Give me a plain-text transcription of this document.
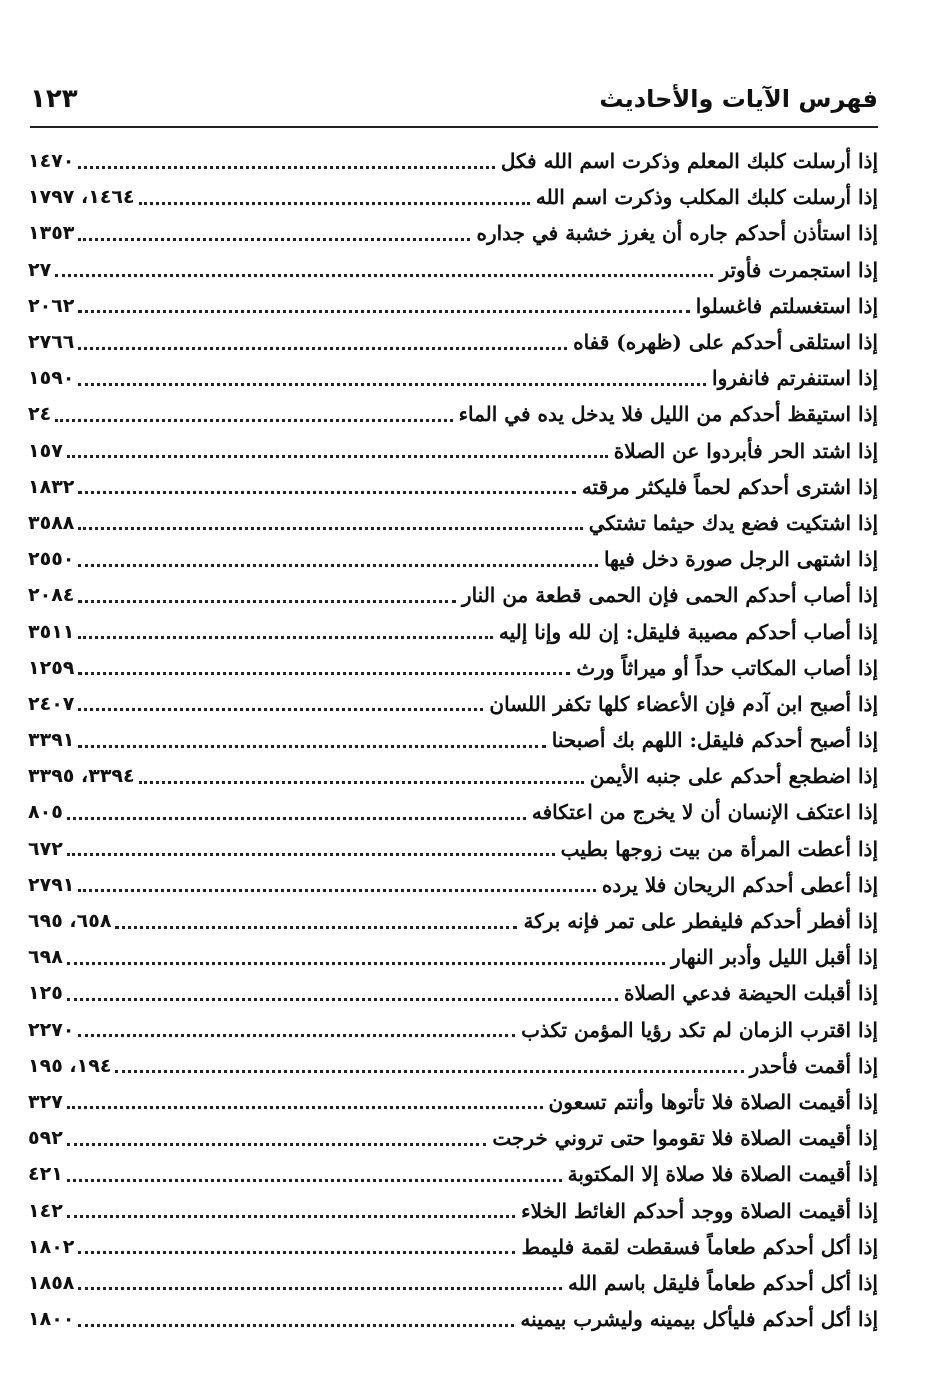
فهرس الآيات والأحاديث
١٢٣
إذا أرسلت كلبك المعلم وذكرت اسم الله فكل
١٤٧٠
إذا أرسلت كلبك المكلب وذكرت اسم الله
١٤٦٤، ١٧٩٧
إذا استأذن أحدكم جاره أن يغرز خشبة في جداره
١٣٥٣
إذا استجمرت فأوتر
٢٧
إذا استغسلتم فاغسلوا
٢٠٦٢
إذا استلقى أحدكم على (ظهره) قفاه
٢٧٦٦
إذا استنفرتم فانفروا
١٥٩٠
إذا استيقظ أحدكم من الليل فلا يدخل يده في الماء
٢٤
إذا اشتد الحر فأبردوا عن الصلاة
١٥٧
إذا اشترى أحدكم لحماً فليكثر مرقته
١٨٣٢
إذا اشتكيت فضع يدك حيثما تشتكي
٣٥٨٨
إذا اشتهى الرجل صورة دخل فيها
٢٥٥٠
إذا أصاب أحدكم الحمى فإن الحمى قطعة من النار
٢٠٨٤
إذا أصاب أحدكم مصيبة فليقل: إن لله وإنا إليه
٣٥١١
إذا أصاب المكاتب حداً أو ميراثاً ورث
١٢٥٩
إذا أصبح ابن آدم فإن الأعضاء كلها تكفر اللسان
٢٤٠٧
إذا أصبح أحدكم فليقل: اللهم بك أصبحنا
٣٣٩١
إذا اضطجع أحدكم على جنبه الأيمن
٣٣٩٤، ٣٣٩٥
إذا اعتكف الإنسان أن لا يخرج من اعتكافه
٨٠٥
إذا أعطت المرأة من بيت زوجها بطيب
٦٧٢
إذا أعطى أحدكم الريحان فلا يرده
٢٧٩١
إذا أفطر أحدكم فليفطر على تمر فإنه بركة
٦٥٨، ٦٩٥
إذا أقبل الليل وأدبر النهار
٦٩٨
إذا أقبلت الحيضة فدعي الصلاة
١٢٥
إذا اقترب الزمان لم تكد رؤيا المؤمن تكذب
٢٢٧٠
إذا أقمت فأحدر
١٩٤، ١٩٥
إذا أقيمت الصلاة فلا تأتوها وأنتم تسعون
٣٢٧
إذا أقيمت الصلاة فلا تقوموا حتى تروني خرجت
٥٩٢
إذا أقيمت الصلاة فلا صلاة إلا المكتوبة
٤٢١
إذا أقيمت الصلاة ووجد أحدكم الغائط الخلاء
١٤٢
إذا أكل أحدكم طعاماً فسقطت لقمة فليمط
١٨٠٢
إذا أكل أحدكم طعاماً فليقل باسم الله
١٨٥٨
إذا أكل أحدكم فليأكل بيمينه وليشرب بيمينه
١٨٠٠
